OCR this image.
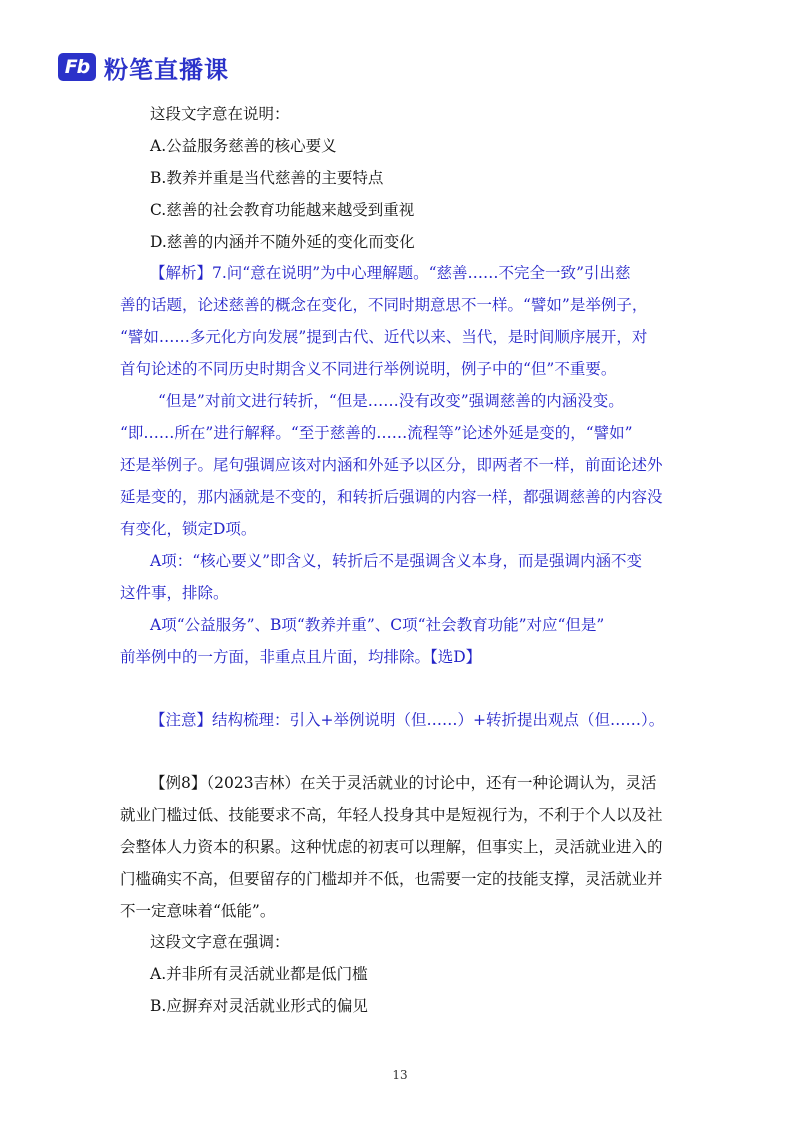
Fb 粉笔直播课
这段文字意在说明：
A.公益服务慈善的核心要义
B.教养并重是当代慈善的主要特点
C.慈善的社会教育功能越来越受到重视
D.慈善的内涵并不随外延的变化而变化
【解析】7.问“意在说明”为中心理解题。“慈善……不完全一致”引出慈
善的话题，论述慈善的概念在变化，不同时期意思不一样。“譬如”是举例子，
“譬如……多元化方向发展”提到古代、近代以来、当代，是时间顺序展开，对
首句论述的不同历史时期含义不同进行举例说明，例子中的“但”不重要。
“但是”对前文进行转折，“但是……没有改变”强调慈善的内涵没变。
“即……所在”进行解释。“至于慈善的……流程等”论述外延是变的，“譬如”
还是举例子。尾句强调应该对内涵和外延予以区分，即两者不一样，前面论述外
延是变的，那内涵就是不变的，和转折后强调的内容一样，都强调慈善的内容没
有变化，锁定D项。
A项：“核心要义”即含义，转折后不是强调含义本身，而是强调内涵不变
这件事，排除。
A项“公益服务”、B项“教养并重”、C项“社会教育功能”对应“但是”
前举例中的一方面，非重点且片面，均排除。【选D】
【注意】结构梳理：引入+举例说明（但……）+转折提出观点（但……）。
【例8】（2023吉林）在关于灵活就业的讨论中，还有一种论调认为，灵活
就业门槛过低、技能要求不高，年轻人投身其中是短视行为，不利于个人以及社
会整体人力资本的积累。这种忧虑的初衷可以理解，但事实上，灵活就业进入的
门槛确实不高，但要留存的门槛却并不低，也需要一定的技能支撑，灵活就业并
不一定意味着“低能”。
这段文字意在强调：
A.并非所有灵活就业都是低门槛
B.应摒弃对灵活就业形式的偏见
13
